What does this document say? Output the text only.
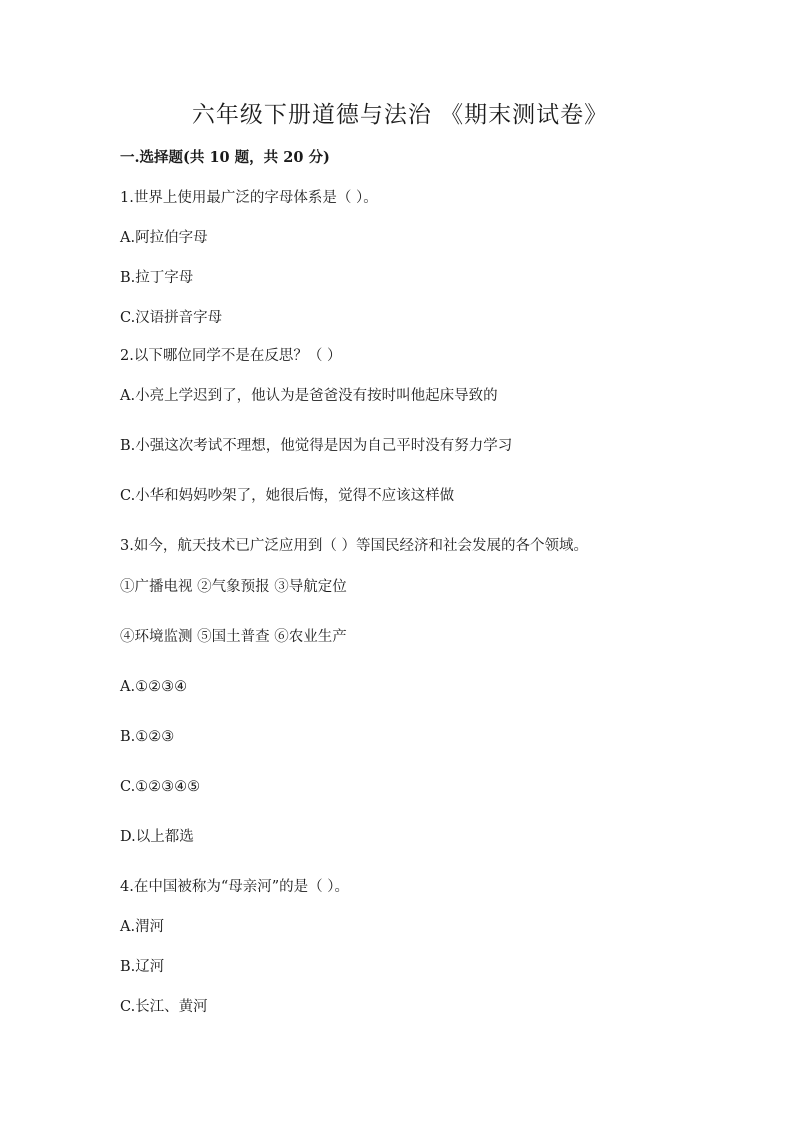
六年级下册道德与法治 《期末测试卷》
一.选择题(共 10 题，共 20 分)
1.世界上使用最广泛的字母体系是（ ）。
A.阿拉伯字母
B.拉丁字母
C.汉语拼音字母
2.以下哪位同学不是在反思？（ ）
A.小亮上学迟到了，他认为是爸爸没有按时叫他起床导致的
B.小强这次考试不理想，他觉得是因为自己平时没有努力学习
C.小华和妈妈吵架了，她很后悔，觉得不应该这样做
3.如今，航天技术已广泛应用到（ ）等国民经济和社会发展的各个领域。
①广播电视 ②气象预报 ③导航定位
④环境监测 ⑤国土普查 ⑥农业生产
A.①②③④
B.①②③
C.①②③④⑤
D.以上都选
4.在中国被称为“母亲河”的是（ ）。
A.渭河
B.辽河
C.长江、黄河
